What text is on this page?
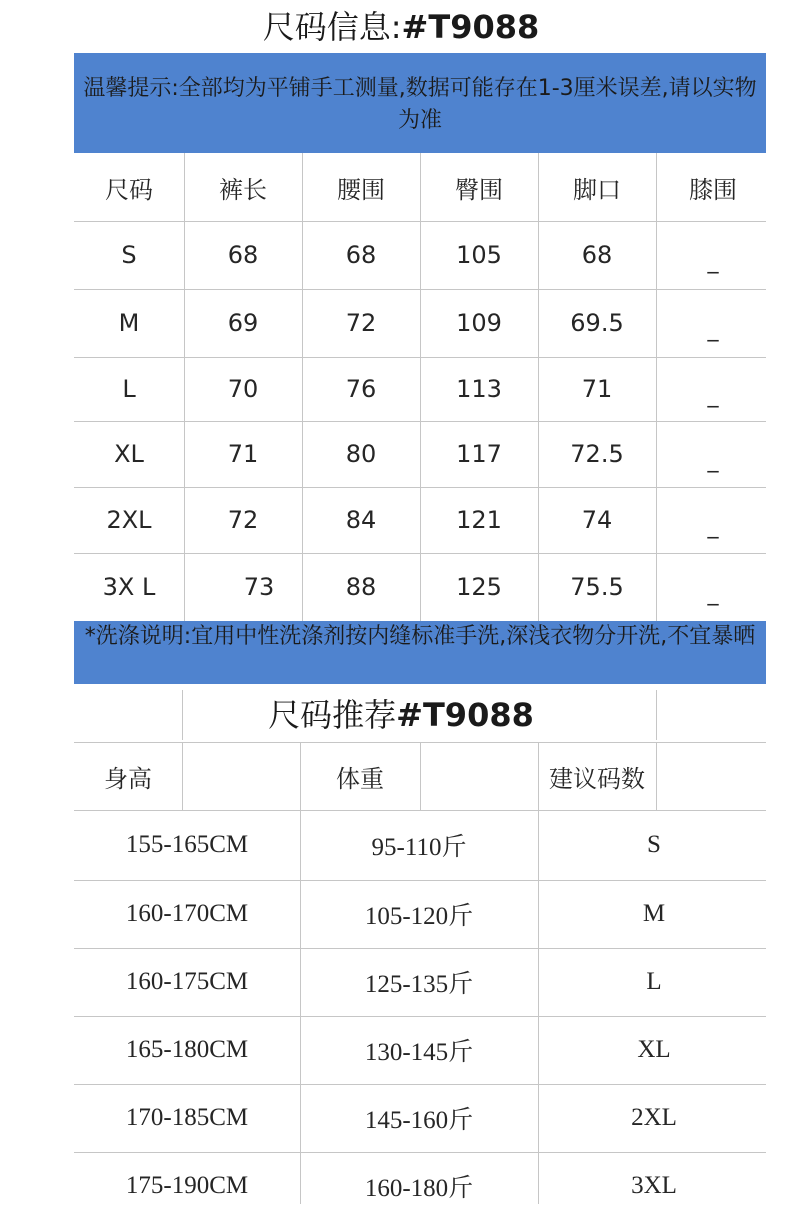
尺码信息:#T9088
温馨提示:全部均为平铺手工测量,数据可能存在1-3厘米误差,请以实物为准
尺码	裤长	腰围	臀围	脚口	膝围
S	68	68	105	68	_
M	69	72	109	69.5	_
L	70	76	113	71	_
XL	71	80	117	72.5	_
2XL	72	84	121	74	_
3X L	73	88	125	75.5	_
*洗涤说明:宜用中性洗涤剂按内缝标准手洗,深浅衣物分开洗,不宜暴晒
尺码推荐#T9088
身高	体重	建议码数
155-165CM	95-110斤	S
160-170CM	105-120斤	M
160-175CM	125-135斤	L
165-180CM	130-145斤	XL
170-185CM	145-160斤	2XL
175-190CM	160-180斤	3XL
